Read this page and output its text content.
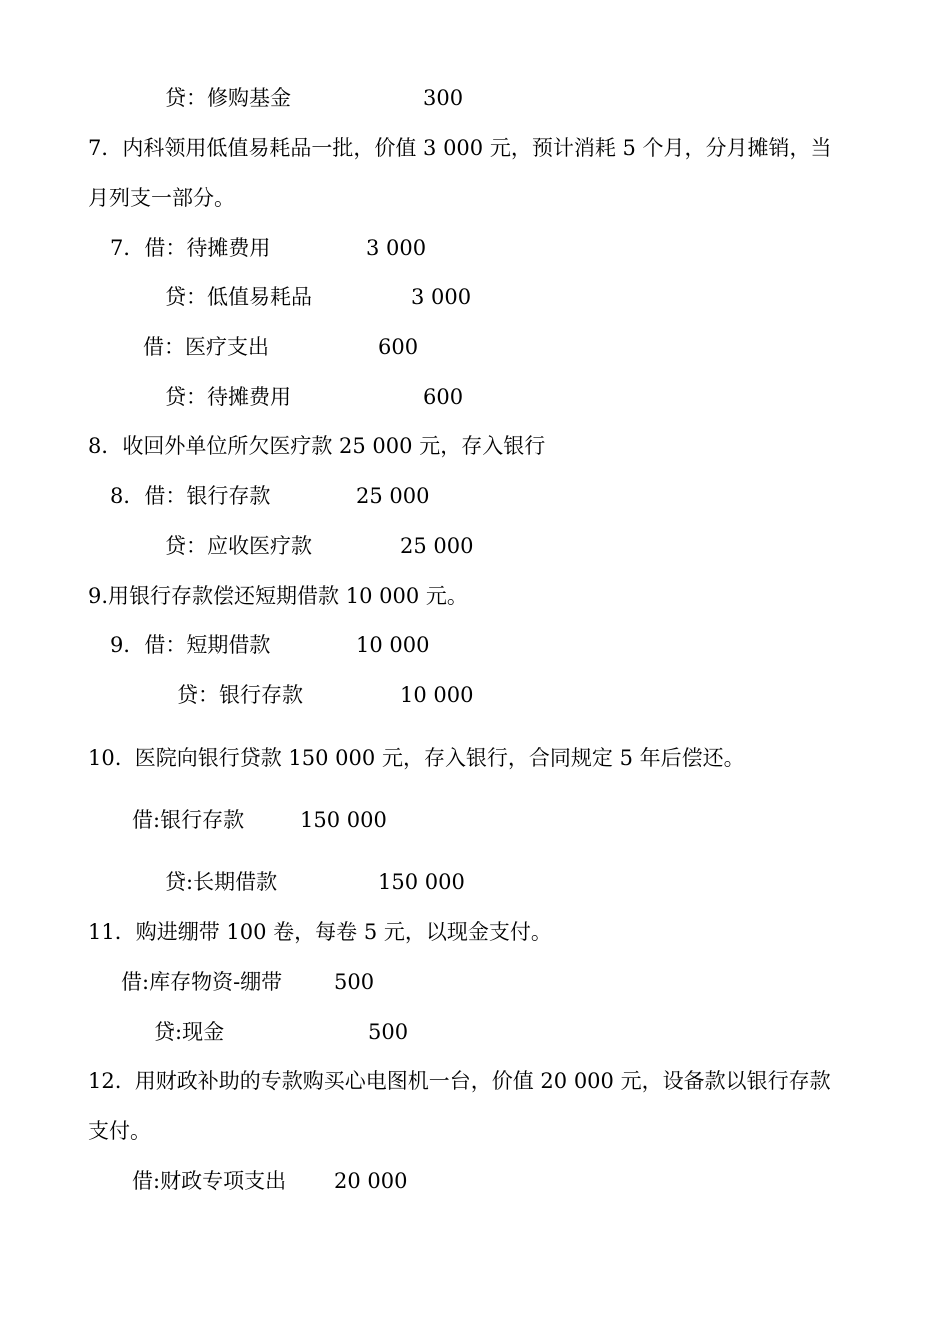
贷：修购基金	300
7．内科领用低值易耗品一批，价值 3 000 元，预计消耗 5 个月，分月摊销，当
月列支一部分。
7．借：待摊费用	3 000
贷：低值易耗品	3 000
借：医疗支出	600
贷：待摊费用	600
8．收回外单位所欠医疗款 25 000 元，存入银行
8．借：银行存款	25 000
贷：应收医疗款	25 000
9.用银行存款偿还短期借款 10 000 元。
9．借：短期借款	10 000
贷：银行存款	10 000
10.  医院向银行贷款 150 000 元，存入银行，合同规定 5 年后偿还。
借:银行存款	150 000
贷:长期借款	150 000
11．购进绷带 100 卷，每卷 5 元，以现金支付。
借:库存物资-绷带 500
贷:现金	500
12.  用财政补助的专款购买心电图机一台，价值 20 000 元，设备款以银行存款
支付。
借:财政专项支出 20 000
